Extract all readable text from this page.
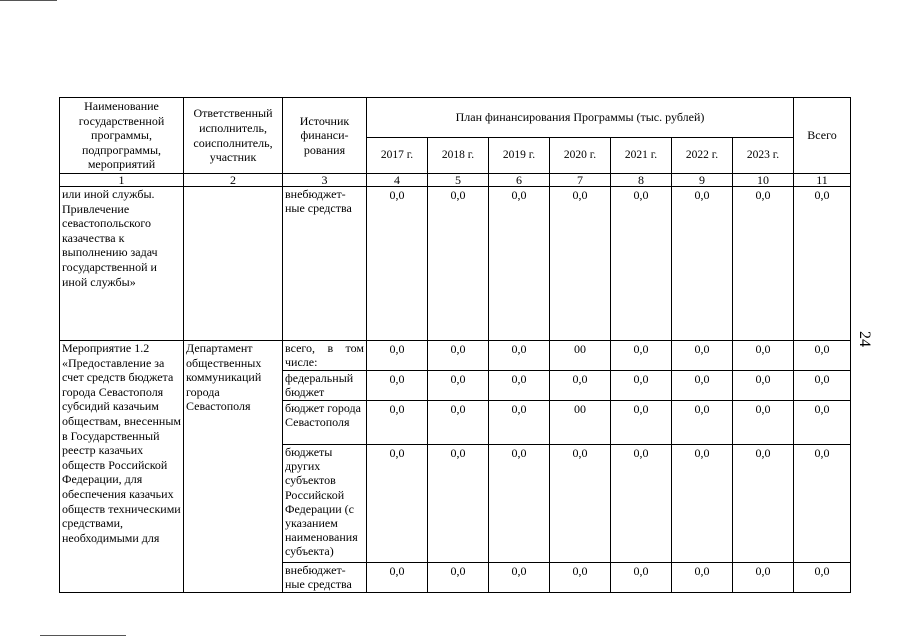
24
Наименование государственной программы, подпрограммы, мероприятий	Ответственный исполнитель, соисполнитель, участник	Источник финанси-рования	План финансирования Программы (тыс. рублей)							Всего
			2017 г.	2018 г.	2019 г.	2020 г.	2021 г.	2022 г.	2023 г.	
1	2	3	4	5	6	7	8	9	10	11
или иной службы. Привлечение севастопольского казачества к выполнению задач государственной и иной службы»		внебюджет-ные средства	0,0	0,0	0,0	0,0	0,0	0,0	0,0	0,0
Мероприятие 1.2 «Предоставление за счет средств бюджета города Севастополя субсидий казачьим обществам, внесенным в Государственный реестр казачьих обществ Российской Федерации, для обеспечения казачьих обществ техническими средствами, необходимыми для	Департамент общественных коммуникаций города Севастополя	всего, в том числе:	0,0	0,0	0,0	00	0,0	0,0	0,0	0,0
		федеральный бюджет	0,0	0,0	0,0	0,0	0,0	0,0	0,0	0,0
		бюджет города Севастополя	0,0	0,0	0,0	00	0,0	0,0	0,0	0,0
		бюджеты других субъектов Российской Федерации (с указанием наименования субъекта)	0,0	0,0	0,0	0,0	0,0	0,0	0,0	0,0
		внебюджет-ные средства	0,0	0,0	0,0	0,0	0,0	0,0	0,0	0,0
